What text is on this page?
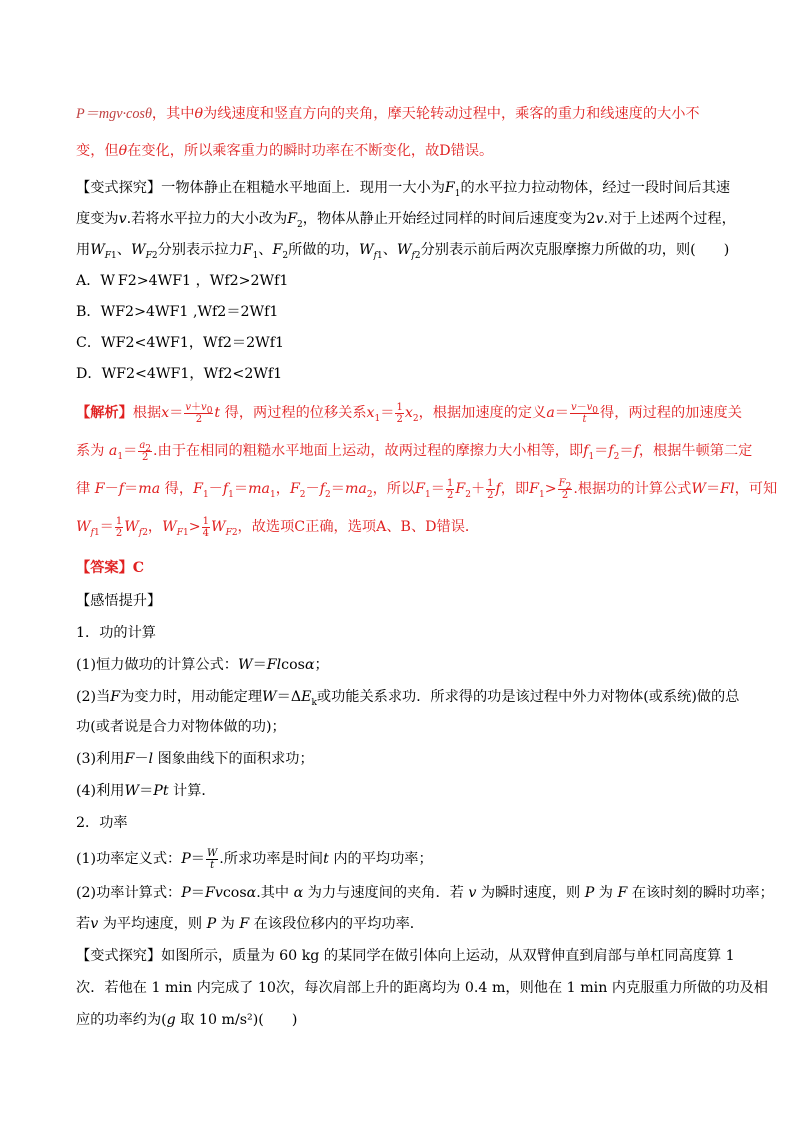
P＝mgv·cosθ，其中θ为线速度和竖直方向的夹角，摩天轮转动过程中，乘客的重力和线速度的大小不
变，但θ在变化，所以乘客重力的瞬时功率在不断变化，故D错误。
【变式探究】一物体静止在粗糙水平地面上．现用一大小为$F_1$的水平拉力拉动物体，经过一段时间后其速
度变为v.若将水平拉力的大小改为$F_2$，物体从静止开始经过同样的时间后速度变为2v.对于上述两个过程，
用$W_{F1}$、$W_{F2}$分别表示拉力$F_1$、$F_2$所做的功，$W_{f1}$、$W_{f2}$分别表示前后两次克服摩擦力所做的功，则( )
A．W F2>4WF1 ，Wf2>2Wf1
B．WF2>4WF1 ,Wf2＝2Wf1
C．WF2<4WF1，Wf2＝2Wf1
D．WF2<4WF1，Wf2<2Wf1
【解析】根据$x= \frac{v+v_0}{2}$ t 得，两过程的位移关系$x_1= \frac{1}{2} x_2$，根据加速度的定义$a= \frac{v-v_0}{t}$ 得，两过程的加速度关
系为 $a_1= \frac{a_2}{2}$ .由于在相同的粗糙水平地面上运动，故两过程的摩擦力大小相等，即$f_1=f_2=f$，根据牛顿第二定
律 F－f＝ma 得，$F_1-f_1=ma_1$，$F_2-f_2=ma_2$，所以$F_1= \frac{1}{2} F_2+ \frac{1}{2}$ f，即$F_1> \frac{F_2}{2}$ .根据功的计算公式W＝Fl，可知
$W_{f1}= \frac{1}{2} W_{f2}$，$W_{F1}> \frac{1}{4} W_{F2}$，故选项C正确，选项A、B、D错误．
【答案】C
【感悟提升】
1．功的计算
(1)恒力做功的计算公式：W＝Flcosα；
(2)当F为变力时，用动能定理$W=\Delta E_k$或功能关系求功．所求得的功是该过程中外力对物体(或系统)做的总
功(或者说是合力对物体做的功)；
(3)利用F－l 图象曲线下的面积求功；
(4)利用W＝Pt 计算．
2．功率
(1)功率定义式：$P= \frac{W}{t}$ .所求功率是时间t 内的平均功率；
(2)功率计算式：P＝Fvcosα.其中 α 为力与速度间的夹角．若 v 为瞬时速度，则 P 为 F 在该时刻的瞬时功率；
若v 为平均速度，则 P 为 F 在该段位移内的平均功率．
【变式探究】如图所示，质量为 60 kg 的某同学在做引体向上运动，从双臂伸直到肩部与单杠同高度算 1
次．若他在 1 min 内完成了 10次，每次肩部上升的距离均为 0.4 m，则他在 1 min 内克服重力所做的功及相
应的功率约为(g 取 10 m/s²)( )
